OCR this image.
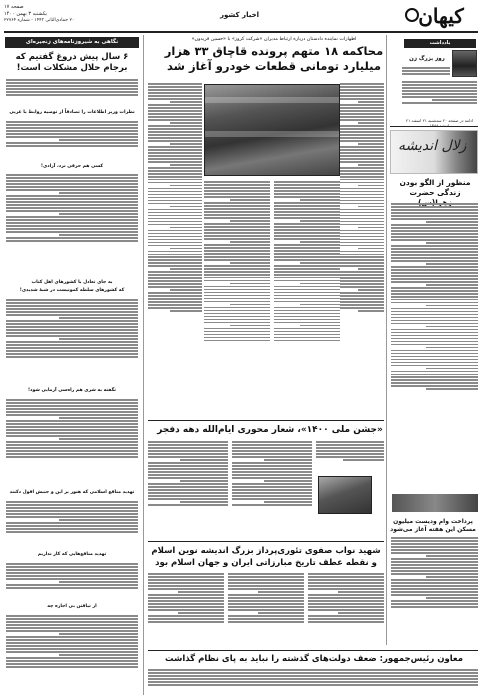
کیهان
صفحه ۱۷
یکشنبه ۳ بهمن ۱۴۰۰
۲۰ جمادی‌الثانی ۱۴۴۳ - شماره ۲۲۷۶۴
اخبار کشور
نگاهی به شیروزنامه‌های زنجیره‌ای
۶ سال پیش دروغ گفتیم که برجام حلال مشکلات است!
نظرات وزیر اطلاعات را تصادفاً از توصیه روابط با غربی
کسی هم حرفی نزد، آزادی!
به جای تعادل با کشورهای اهل کتاب
که کشورهای سلطه کمونیست در شبهٔ شدیدی!
نگفته به شری هم راه‌سی آزمایی شود!
تهدید منافع اسلامی که هنوز بر این و جنبش افول دکنند
تهدید منافع‌هایی که کار نداریم
از نیافتن بی اجازه چه
اظهارات نماینده دادستان درباره ارتباط مدیران «شرکت کروز» با «حسین فریدون»
محاکمه ۱۸ متهم پرونده قاچاق ۳۳ هزار میلیارد تومانی قطعات خودرو آغاز شد
یادداشت
روز بزرگ زن
ادامه در صفحه ۲۰ سه‌شنبه ۲۱ اسفند ۲۱
زلال اندیشه
منظور از الگو بودن زندگی حضرت
پرداخت وام ودیست میلیون مسکن این هفته آغاز می‌شود
«جشن ملی ۱۴۰۰»، شعار محوری ایام‌الله دهه دفجر
شهید نواب صفوی تئوری‌پرداز بزرگ اندیشه نوین اسلام و نقطه عطف تاریخ مبارزاتی ایران و جهان اسلام بود
معاون رئیس‌جمهور: ضعف دولت‌های گذشته را نباید به پای نظام گذاشت
